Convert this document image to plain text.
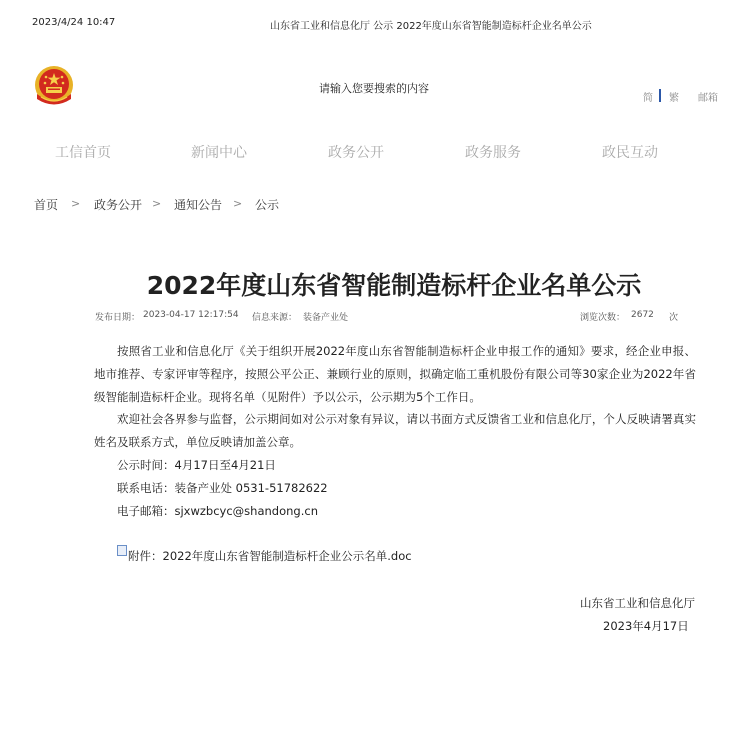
2023/4/24 10:47	山东省工业和信息化厅 公示 2022年度山东省智能制造标杆企业名单公示
请输入您要搜索的内容
简 繁 邮箱
工信首页	新闻中心	政务公开	政务服务	政民互动
首页 > 政务公开 > 通知公告 > 公示
2022年度山东省智能制造标杆企业名单公示
发布日期： 2023-04-17 12:17:54 信息来源： 装备产业处	浏览次数： 2672 次

按照省工业和信息化厅《关于组织开展2022年度山东省智能制造标杆企业申报工作的通知》要求，经企业申报、地市推荐、专家评审等程序，按照公平公正、兼顾行业的原则，拟确定临工重机股份有限公司等30家企业为2022年省级智能制造标杆企业。现将名单（见附件）予以公示，公示期为5个工作日。

欢迎社会各界参与监督，公示期间如对公示对象有异议，请以书面方式反馈省工业和信息化厅，个人反映请署真实姓名及联系方式，单位反映请加盖公章。

公示时间：4月17日至4月21日

联系电话：装备产业处 0531-51782622

电子邮箱：sjxwzbcyc@shandong.cn

附件：2022年度山东省智能制造标杆企业公示名单.doc
山东省工业和信息化厅
2023年4月17日
